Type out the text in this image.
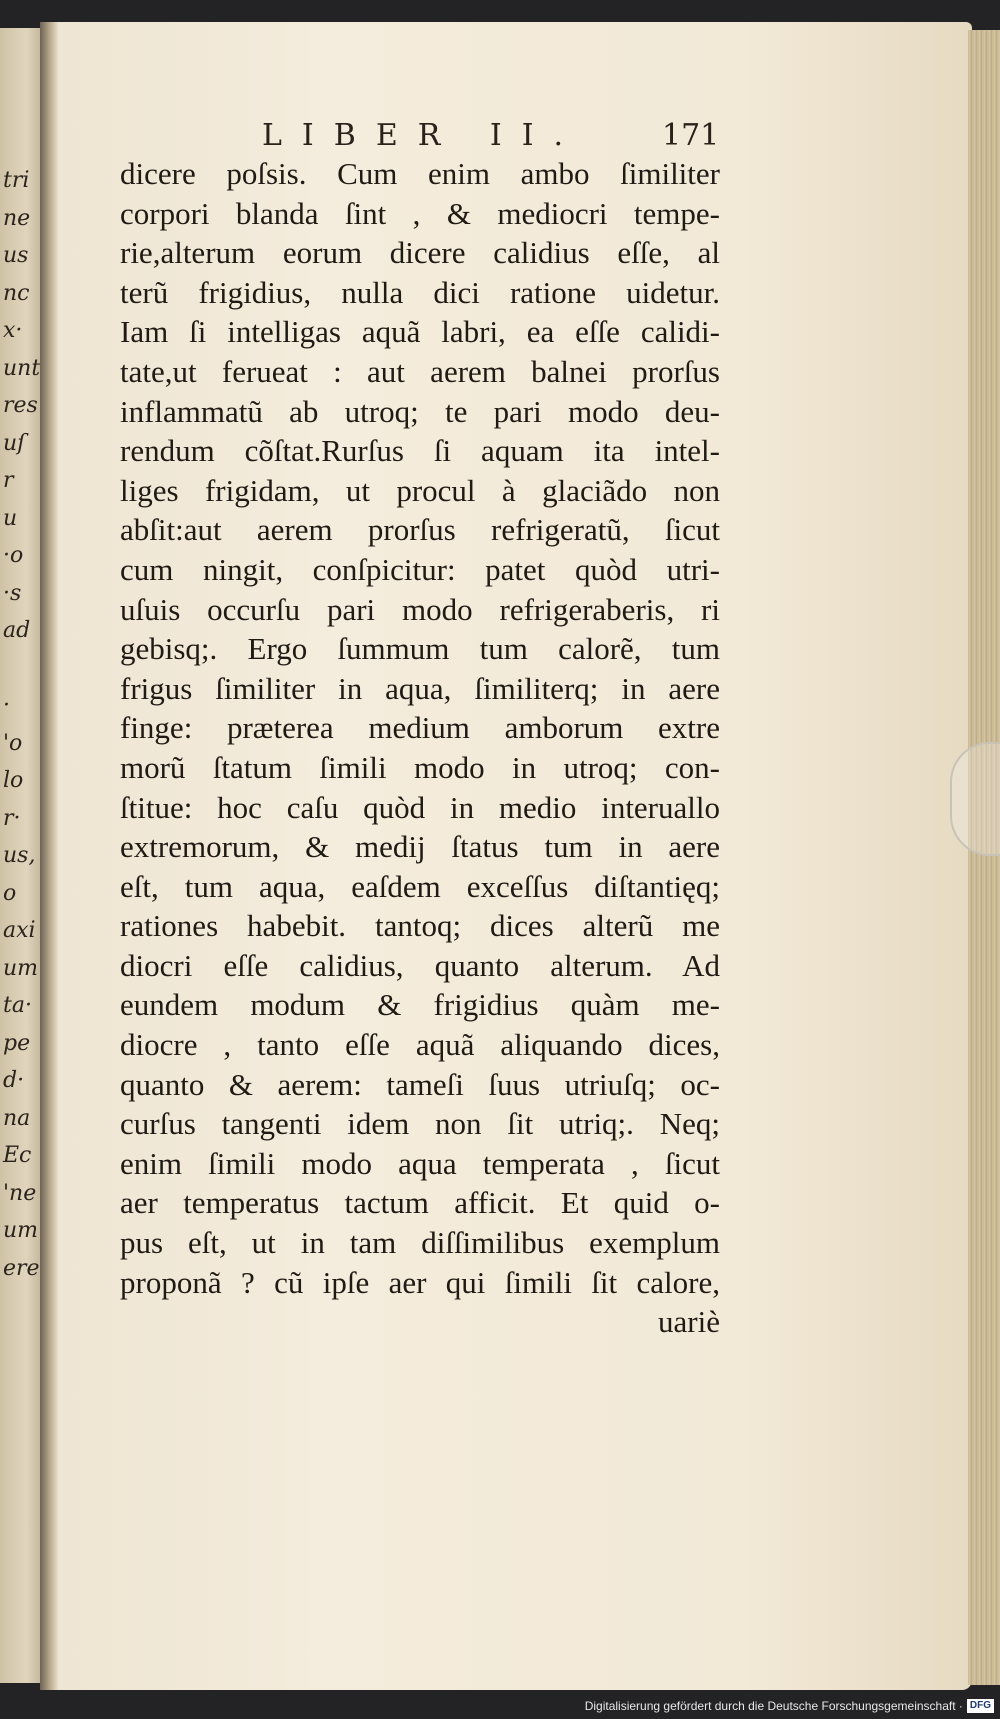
tri
ne
us
nc
x·
unt
res
uſ
r
u
·o
·s
ad
·
'o
lo
r·
us,
o
axi
um
ta·
pe
d·
na
Ec
'ne
um
ere
LIBER II.	171
dicere poſsis. Cum enim ambo ſimiliter
corpori blanda ſint , & mediocri tempe-
rie,alterum eorum dicere calidius eſſe, al
terũ frigidius, nulla dici ratione uidetur.
Iam ſi intelligas aquã labri, ea eſſe calidi-
tate,ut ferueat : aut aerem balnei prorſus
inflammatũ ab utroq; te pari modo deu-
rendum cõſtat.Rurſus ſi aquam ita intel-
liges frigidam, ut procul à glaciãdo non
abſit:aut aerem prorſus refrigeratũ, ſicut
cum ningit, conſpicitur: patet quòd utri-
uſuis occurſu pari modo refrigeraberis, ri
gebisq;. Ergo ſummum tum calorẽ, tum
frigus ſimiliter in aqua, ſimiliterq; in aere
finge: præterea medium amborum extre
morũ ſtatum ſimili modo in utroq; con-
ſtitue: hoc caſu quòd in medio interuallo
extremorum, & medij ſtatus tum in aere
eſt, tum aqua, eaſdem exceſſus diſtantięq;
rationes habebit. tantoq; dices alterũ me
diocri eſſe calidius, quanto alterum. Ad
eundem modum & frigidius quàm me-
diocre , tanto eſſe aquã aliquando dices,
quanto & aerem: tameſi ſuus utriuſq; oc-
curſus tangenti idem non ſit utriq;. Neq;
enim ſimili modo aqua temperata , ſicut
aer temperatus tactum afficit. Et quid o-
pus eſt, ut in tam diſſimilibus exemplum
proponã ? cũ ipſe aer qui ſimili ſit calore,
uariè
Digitalisierung gefördert durch die Deutsche Forschungsgemeinschaft · DFG
